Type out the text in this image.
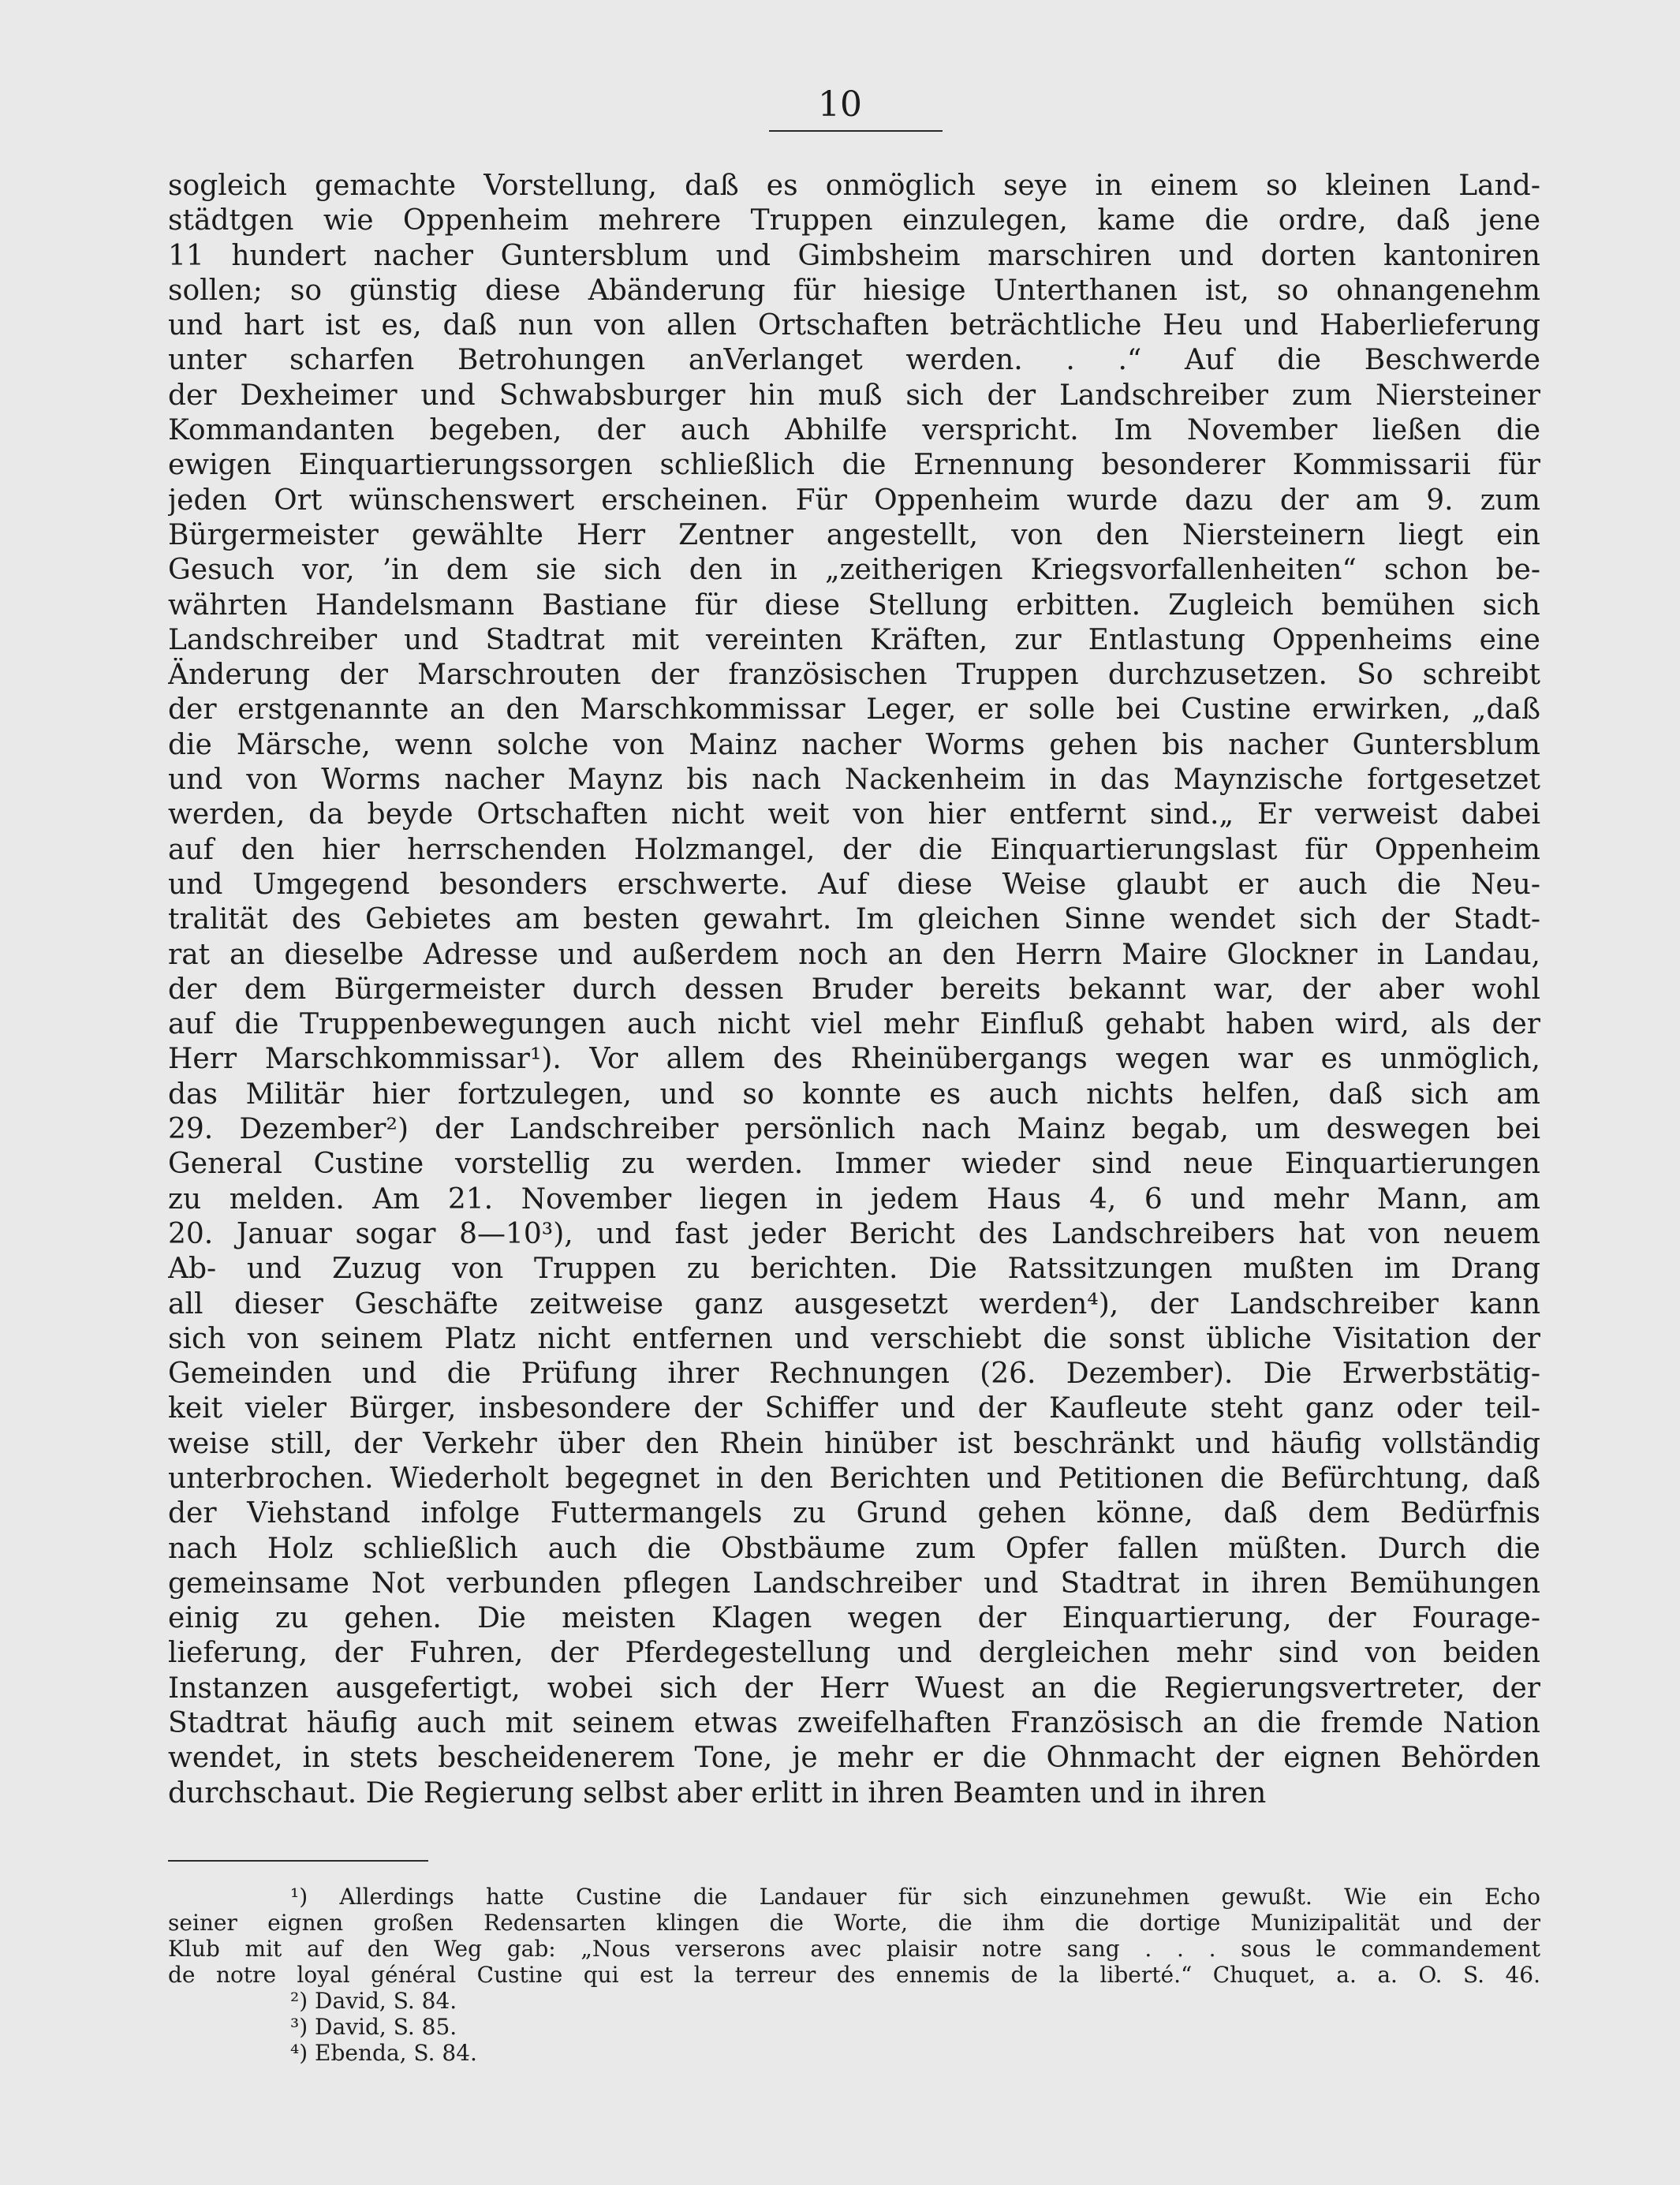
10
sogleich gemachte Vorstellung, daß es onmöglich seye in einem so kleinen Land-
städtgen wie Oppenheim mehrere Truppen einzulegen, kame die ordre, daß jene
11 hundert nacher Guntersblum und Gimbsheim marschiren und dorten kantoniren
sollen; so günstig diese Abänderung für hiesige Unterthanen ist, so ohnangenehm
und hart ist es, daß nun von allen Ortschaften beträchtliche Heu und Haberlieferung
unter scharfen Betrohungen anVerlanget werden. . .“ Auf die Beschwerde
der Dexheimer und Schwabsburger hin muß sich der Landschreiber zum Niersteiner
Kommandanten begeben, der auch Abhilfe verspricht. Im November ließen die
ewigen Einquartierungssorgen schließlich die Ernennung besonderer Kommissarii für
jeden Ort wünschenswert erscheinen. Für Oppenheim wurde dazu der am 9. zum
Bürgermeister gewählte Herr Zentner angestellt, von den Niersteinern liegt ein
Gesuch vor, ’in dem sie sich den in „zeitherigen Kriegsvorfallenheiten“ schon be-
währten Handelsmann Bastiane für diese Stellung erbitten. Zugleich bemühen sich
Landschreiber und Stadtrat mit vereinten Kräften, zur Entlastung Oppenheims eine
Änderung der Marschrouten der französischen Truppen durchzusetzen. So schreibt
der erstgenannte an den Marschkommissar Leger, er solle bei Custine erwirken, „daß
die Märsche, wenn solche von Mainz nacher Worms gehen bis nacher Guntersblum
und von Worms nacher Maynz bis nach Nackenheim in das Maynzische fortgesetzet
werden, da beyde Ortschaften nicht weit von hier entfernt sind.„ Er verweist dabei
auf den hier herrschenden Holzmangel, der die Einquartierungslast für Oppenheim
und Umgegend besonders erschwerte. Auf diese Weise glaubt er auch die Neu-
tralität des Gebietes am besten gewahrt. Im gleichen Sinne wendet sich der Stadt-
rat an dieselbe Adresse und außerdem noch an den Herrn Maire Glockner in Landau,
der dem Bürgermeister durch dessen Bruder bereits bekannt war, der aber wohl
auf die Truppenbewegungen auch nicht viel mehr Einfluß gehabt haben wird, als der
Herr Marschkommissar¹). Vor allem des Rheinübergangs wegen war es unmöglich,
das Militär hier fortzulegen, und so konnte es auch nichts helfen, daß sich am
29. Dezember²) der Landschreiber persönlich nach Mainz begab, um deswegen bei
General Custine vorstellig zu werden. Immer wieder sind neue Einquartierungen
zu melden. Am 21. November liegen in jedem Haus 4, 6 und mehr Mann, am
20. Januar sogar 8—10³), und fast jeder Bericht des Landschreibers hat von neuem
Ab- und Zuzug von Truppen zu berichten. Die Ratssitzungen mußten im Drang
all dieser Geschäfte zeitweise ganz ausgesetzt werden⁴), der Landschreiber kann
sich von seinem Platz nicht entfernen und verschiebt die sonst übliche Visitation der
Gemeinden und die Prüfung ihrer Rechnungen (26. Dezember). Die Erwerbstätig-
keit vieler Bürger, insbesondere der Schiffer und der Kaufleute steht ganz oder teil-
weise still, der Verkehr über den Rhein hinüber ist beschränkt und häufig vollständig
unterbrochen. Wiederholt begegnet in den Berichten und Petitionen die Befürchtung, daß
der Viehstand infolge Futtermangels zu Grund gehen könne, daß dem Bedürfnis
nach Holz schließlich auch die Obstbäume zum Opfer fallen müßten. Durch die
gemeinsame Not verbunden pflegen Landschreiber und Stadtrat in ihren Bemühungen
einig zu gehen. Die meisten Klagen wegen der Einquartierung, der Fourage-
lieferung, der Fuhren, der Pferdegestellung und dergleichen mehr sind von beiden
Instanzen ausgefertigt, wobei sich der Herr Wuest an die Regierungsvertreter, der
Stadtrat häufig auch mit seinem etwas zweifelhaften Französisch an die fremde Nation
wendet, in stets bescheidenerem Tone, je mehr er die Ohnmacht der eignen Behörden
durchschaut. Die Regierung selbst aber erlitt in ihren Beamten und in ihren
¹) Allerdings hatte Custine die Landauer für sich einzunehmen gewußt. Wie ein Echo
seiner eignen großen Redensarten klingen die Worte, die ihm die dortige Munizipalität und der
Klub mit auf den Weg gab: „Nous verserons avec plaisir notre sang . . . sous le commandement
de notre loyal général Custine qui est la terreur des ennemis de la liberté.“ Chuquet, a. a. O. S. 46.
²) David, S. 84.
³) David, S. 85.
⁴) Ebenda, S. 84.
